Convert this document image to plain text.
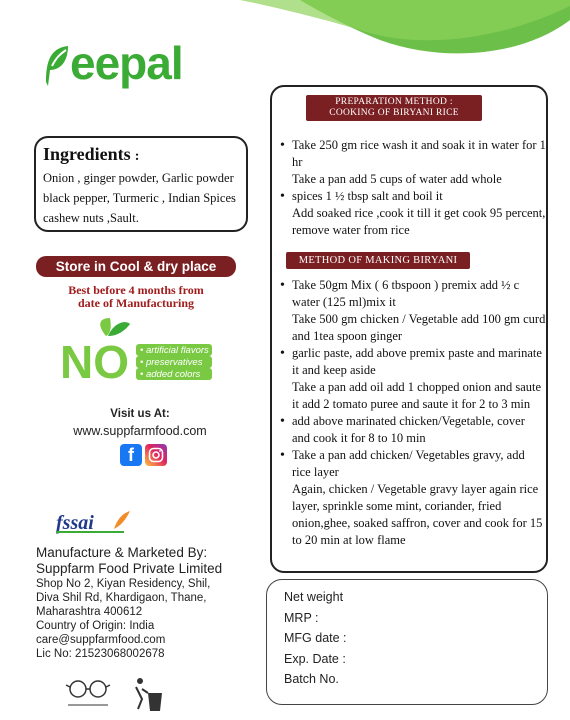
eepal
Ingredients :

Onion , ginger powder, Garlic powder
black pepper, Turmeric , Indian Spices
cashew nuts ,Sault.

Store in Cool & dry place
Best before 4 months from
date of Manufacturing
NO • artificial flavors
• preservatives
• added colors
Visit us At:
www.suppfarmfood.com
f
fssai
Manufacture & Marketed By:
Suppfarm Food Private Limited
Shop No 2, Kiyan Residency, Shil,
Diva Shil Rd, Khardigaon, Thane,
Maharashtra 400612
Country of Origin: India
care@suppfarmfood.com
Lic No: 21523068002678
PREPARATION METHOD :
COOKING OF BIRYANI RICE
• Take 250 gm rice wash it and soak it in water for 1 hr
Take a pan add 5 cups of water add whole
• spices 1 ½ tbsp salt and boil it
Add soaked rice ,cook it till it get cook 95 percent, remove water from rice
METHOD OF MAKING BIRYANI
• Take 50gm Mix ( 6 tbspoon ) premix add ½ c water (125 ml)mix it
Take 500 gm chicken / Vegetable add 100 gm curd and 1tea spoon ginger
• garlic paste, add above premix paste and marinate it and keep aside
Take a pan add oil add 1 chopped onion and saute it add 2 tomato puree and saute it for 2 to 3 min
• add above marinated chicken/Vegetable, cover and cook it for 8 to 10 min
• Take a pan add chicken/ Vegetables gravy, add rice layer
Again, chicken / Vegetable gravy layer again rice layer, sprinkle some mint, coriander, fried onion,ghee, soaked saffron, cover and cook for 15 to 20 min at low flame
Net weight
MRP :
MFG date :
Exp. Date :
Batch No.
